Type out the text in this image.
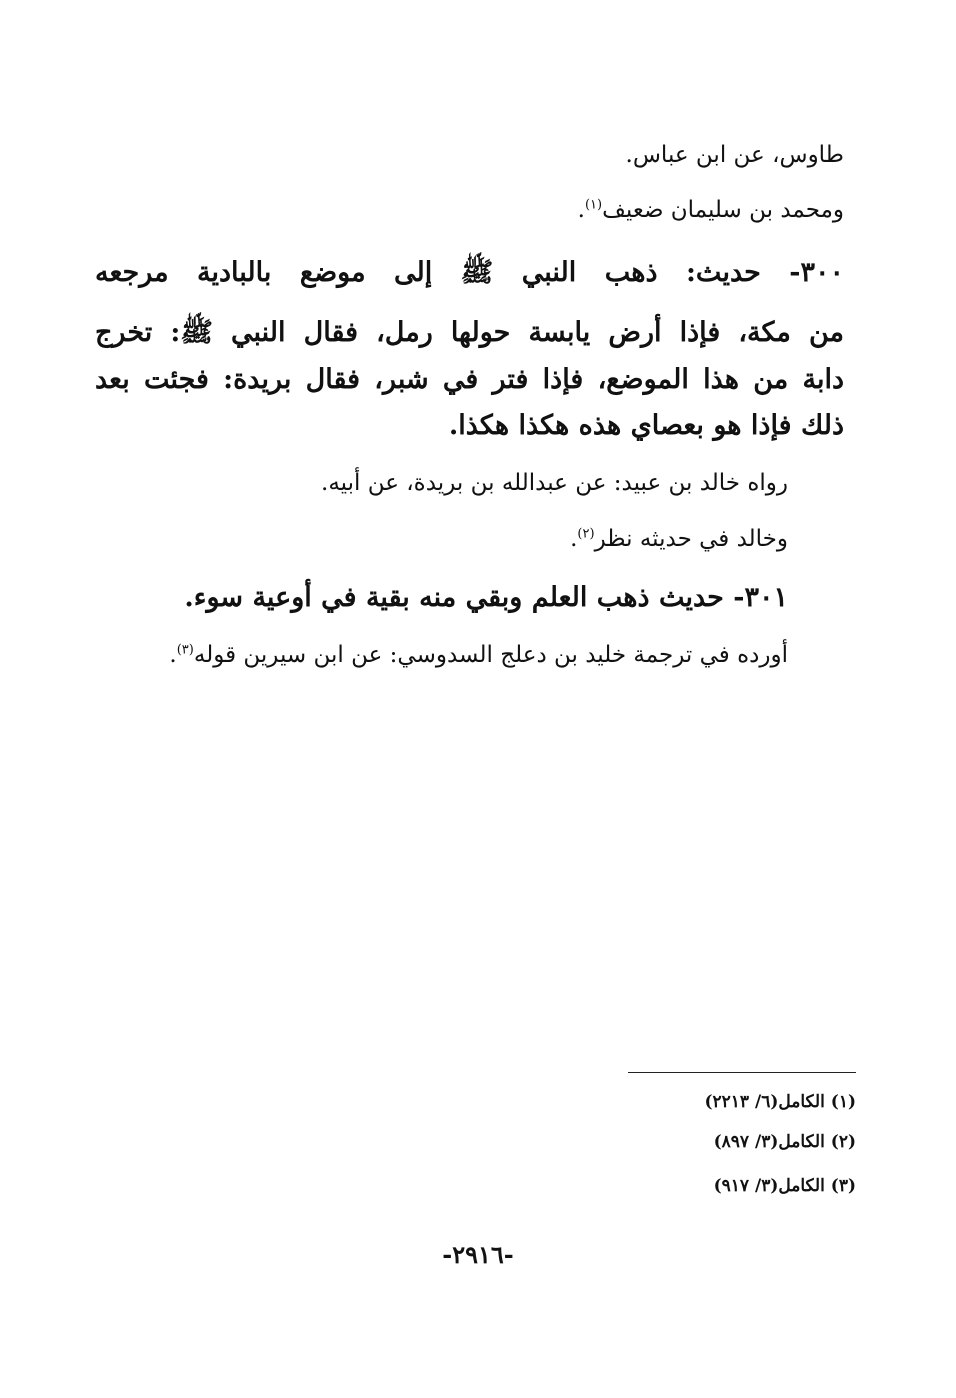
طاوس، عن ابن عباس.

ومحمد بن سليمان ضعيف$^{(١)}$.

٣٠٠- حديث: ذهب النبي ﷺ إلى موضع بالبادية مرجعه

من مكة، فإذا أرض يابسة حولها رمل، فقال النبي ﷺ: تخرج

دابة من هذا الموضع، فإذا فتر في شبر، فقال بريدة: فجئت بعد

ذلك فإذا هو بعصاي هذه هكذا هكذا.

رواه خالد بن عبيد: عن عبدالله بن بريدة، عن أبيه.

وخالد في حديثه نظر$^{(٢)}$.

٣٠١- حديث ذهب العلم وبقي منه بقية في أوعية سوء.

أورده في ترجمة خليد بن دعلج السدوسي: عن ابن سيرين قوله$^{(٣)}$.

(١) الكامل(٦/ ٢٢١٣)
(٢) الكامل(٣/ ٨٩٧)
(٣) الكامل(٣/ ٩١٧)
-٢٩١٦-
